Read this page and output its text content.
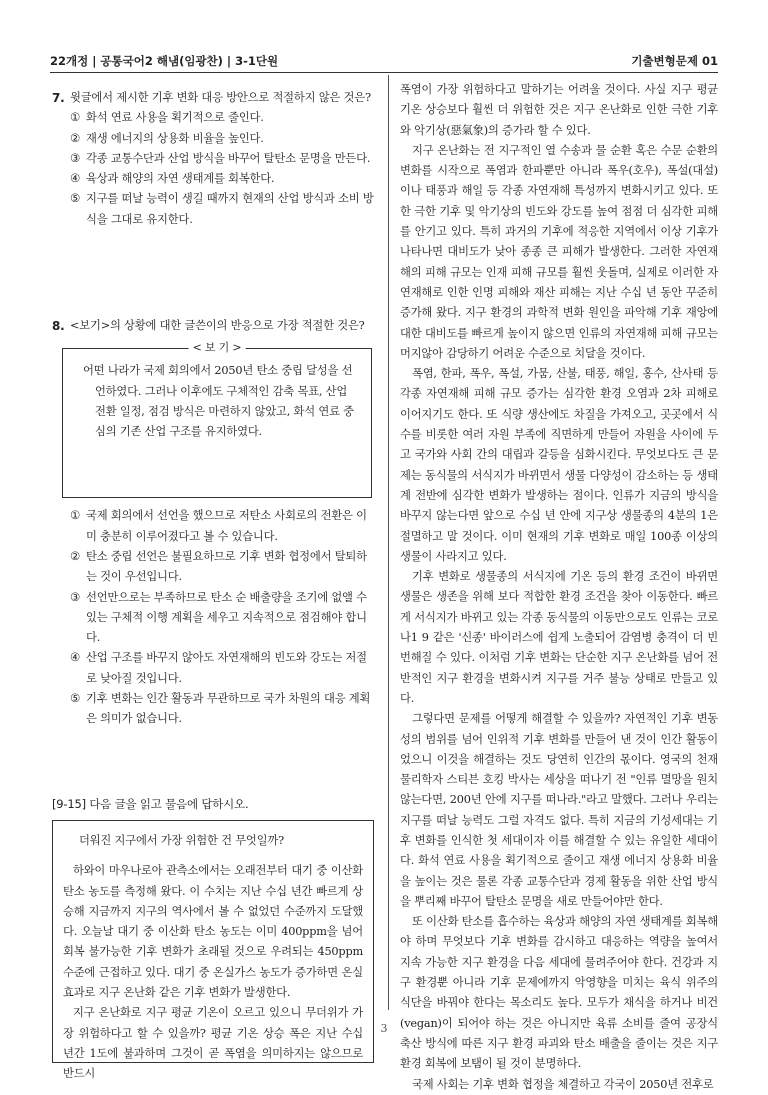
22개정 | 공통국어2 해냄(임광찬) | 3-1단원	기출변형문제 01
7. 윗글에서 제시한 기후 변화 대응 방안으로 적절하지 않은 것은?
① 화석 연료 사용을 획기적으로 줄인다.
② 재생 에너지의 상용화 비율을 높인다.
③ 각종 교통수단과 산업 방식을 바꾸어 탈탄소 문명을 만든다.
④ 육상과 해양의 자연 생태계를 회복한다.
⑤ 지구를 떠날 능력이 생길 때까지 현재의 산업 방식과 소비 방식을 그대로 유지한다.
8. <보기>의 상황에 대한 글쓴이의 반응으로 가장 적절한 것은?
< 보 기 >
어떤 나라가 국제 회의에서 2050년 탄소 중립 달성을 선언하였다. 그러나 이후에도 구체적인 감축 목표, 산업 전환 일정, 점검 방식은 마련하지 않았고, 화석 연료 중심의 기존 산업 구조를 유지하였다.
① 국제 회의에서 선언을 했으므로 저탄소 사회로의 전환은 이미 충분히 이루어졌다고 볼 수 있습니다.
② 탄소 중립 선언은 불필요하므로 기후 변화 협정에서 탈퇴하는 것이 우선입니다.
③ 선언만으로는 부족하므로 탄소 순 배출량을 조기에 없앨 수 있는 구체적 이행 계획을 세우고 지속적으로 점검해야 합니다.
④ 산업 구조를 바꾸지 않아도 자연재해의 빈도와 강도는 저절로 낮아질 것입니다.
⑤ 기후 변화는 인간 활동과 무관하므로 국가 차원의 대응 계획은 의미가 없습니다.
[9-15] 다음 글을 읽고 물음에 답하시오.

더워진 지구에서 가장 위험한 건 무엇일까?

하와이 마우나로아 관측소에서는 오래전부터 대기 중 이산화 탄소 농도를 측정해 왔다. 이 수치는 지난 수십 년간 빠르게 상승해 지금까지 지구의 역사에서 볼 수 없었던 수준까지 도달했다. 오늘날 대기 중 이산화 탄소 농도는 이미 400ppm을 넘어 회복 불가능한 기후 변화가 초래될 것으로 우려되는 450ppm 수준에 근접하고 있다. 대기 중 온실가스 농도가 증가하면 온실 효과로 지구 온난화 같은 기후 변화가 발생한다.

지구 온난화로 지구 평균 기온이 오르고 있으니 무더위가 가장 위험하다고 할 수 있을까? 평균 기온 상승 폭은 지난 수십 년간 1도에 불과하며 그것이 곧 폭염을 의미하지는 않으므로 반드시

폭염이 가장 위험하다고 말하기는 어려울 것이다. 사실 지구 평균 기온 상승보다 훨씬 더 위험한 것은 지구 온난화로 인한 극한 기후와 악기상(惡氣象)의 증가라 할 수 있다.

지구 온난화는 전 지구적인 열 수송과 물 순환 혹은 수문 순환의 변화를 시작으로 폭염과 한파뿐만 아니라 폭우(호우), 폭설(대설) 이나 태풍과 해일 등 각종 자연재해 특성까지 변화시키고 있다. 또한 극한 기후 및 악기상의 빈도와 강도를 높여 점점 더 심각한 피해를 안기고 있다. 특히 과거의 기후에 적응한 지역에서 이상 기후가 나타나면 대비도가 낮아 종종 큰 피해가 발생한다. 그러한 자연재해의 피해 규모는 인재 피해 규모를 훨씬 웃돌며, 실제로 이러한 자연재해로 인한 인명 피해와 재산 피해는 지난 수십 년 동안 꾸준히 증가해 왔다. 지구 환경의 과학적 변화 원인을 파악해 기후 재앙에 대한 대비도를 빠르게 높이지 않으면 인류의 자연재해 피해 규모는 머지않아 감당하기 어려운 수준으로 치달을 것이다.

폭염, 한파, 폭우, 폭설, 가뭄, 산불, 태풍, 해일, 홍수, 산사태 등 각종 자연재해 피해 규모 증가는 심각한 환경 오염과 2차 피해로 이어지기도 한다. 또 식량 생산에도 차질을 가져오고, 곳곳에서 식수를 비롯한 여러 자원 부족에 직면하게 만들어 자원을 사이에 두고 국가와 사회 간의 대립과 갈등을 심화시킨다. 무엇보다도 큰 문제는 동식물의 서식지가 바뀌면서 생물 다양성이 감소하는 등 생태계 전반에 심각한 변화가 발생하는 점이다. 인류가 지금의 방식을 바꾸지 않는다면 앞으로 수십 년 안에 지구상 생물종의 4분의 1은 절멸하고 말 것이다. 이미 현재의 기후 변화로 매일 100종 이상의 생물이 사라지고 있다.

기후 변화로 생물종의 서식지에 기온 등의 환경 조건이 바뀌면 생물은 생존을 위해 보다 적합한 환경 조건을 찾아 이동한다. 빠르게 서식지가 바뀌고 있는 각종 동식물의 이동만으로도 인류는 코로나1 9 같은 '신종' 바이러스에 쉽게 노출되어 감염병 충격이 더 빈번해질 수 있다. 이처럼 기후 변화는 단순한 지구 온난화를 넘어 전반적인 지구 환경을 변화시켜 지구를 거주 불능 상태로 만들고 있다.

그렇다면 문제를 어떻게 해결할 수 있을까? 자연적인 기후 변동성의 범위를 넘어 인위적 기후 변화를 만들어 낸 것이 인간 활동이었으니 이것을 해결하는 것도 당연히 인간의 몫이다. 영국의 천재 물리학자 스티븐 호킹 박사는 세상을 떠나기 전 "인류 멸망을 원치 않는다면, 200년 안에 지구를 떠나라."라고 말했다. 그러나 우리는 지구를 떠날 능력도 그럴 자격도 없다. 특히 지금의 기성세대는 기후 변화를 인식한 첫 세대이자 이를 해결할 수 있는 유일한 세대이다. 화석 연료 사용을 획기적으로 줄이고 재생 에너지 상용화 비율을 높이는 것은 물론 각종 교통수단과 경제 활동을 위한 산업 방식을 뿌리째 바꾸어 탈탄소 문명을 새로 만들어야만 한다.

또 이산화 탄소를 흡수하는 육상과 해양의 자연 생태계를 회복해야 하며 무엇보다 기후 변화를 감시하고 대응하는 역량을 높여서 지속 가능한 지구 환경을 다음 세대에 물려주어야 한다. 건강과 지구 환경뿐 아니라 기후 문제에까지 악영향을 미치는 육식 위주의 식단을 바꿔야 한다는 목소리도 높다. 모두가 채식을 하거나 비건(vegan)이 되어야 하는 것은 아니지만 육류 소비를 줄여 공장식 축산 방식에 따른 지구 환경 파괴와 탄소 배출을 줄이는 것은 지구 환경 회복에 보탬이 될 것이 분명하다.

국제 사회는 기후 변화 협정을 체결하고 각국이 2050년 전후로

3
